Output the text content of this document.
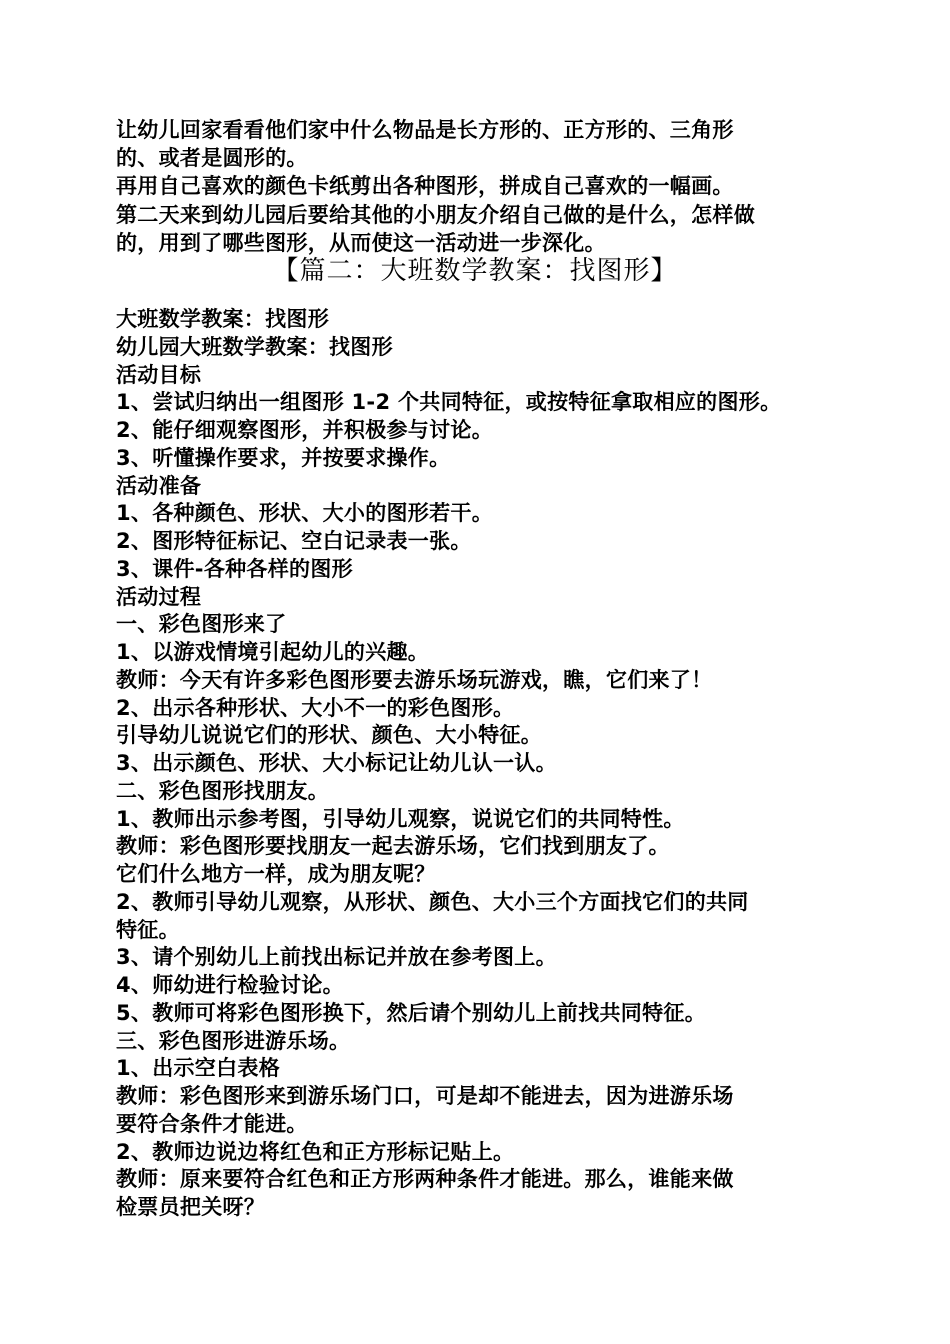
让幼儿回家看看他们家中什么物品是长方形的、正方形的、三角形

的、或者是圆形的。

再用自己喜欢的颜色卡纸剪出各种图形，拼成自己喜欢的一幅画。

第二天来到幼儿园后要给其他的小朋友介绍自己做的是什么，怎样做

的，用到了哪些图形，从而使这一活动进一步深化。

【篇二：大班数学教案：找图形】

大班数学教案：找图形

幼儿园大班数学教案：找图形

活动目标

1、尝试归纳出一组图形 1-2 个共同特征，或按特征拿取相应的图形。

2、能仔细观察图形，并积极参与讨论。

3、听懂操作要求，并按要求操作。

活动准备

1、各种颜色、形状、大小的图形若干。

2、图形特征标记、空白记录表一张。

3、课件-各种各样的图形

活动过程

一、彩色图形来了

1、以游戏情境引起幼儿的兴趣。

教师：今天有许多彩色图形要去游乐场玩游戏，瞧，它们来了！

2、出示各种形状、大小不一的彩色图形。

引导幼儿说说它们的形状、颜色、大小特征。

3、出示颜色、形状、大小标记让幼儿认一认。

二、彩色图形找朋友。

1、教师出示参考图，引导幼儿观察，说说它们的共同特性。

教师：彩色图形要找朋友一起去游乐场，它们找到朋友了。

它们什么地方一样，成为朋友呢？

2、教师引导幼儿观察，从形状、颜色、大小三个方面找它们的共同

特征。

3、请个别幼儿上前找出标记并放在参考图上。

4、师幼进行检验讨论。

5、教师可将彩色图形换下，然后请个别幼儿上前找共同特征。

三、彩色图形进游乐场。

1、出示空白表格

教师：彩色图形来到游乐场门口，可是却不能进去，因为进游乐场

要符合条件才能进。

2、教师边说边将红色和正方形标记贴上。

教师：原来要符合红色和正方形两种条件才能进。那么，谁能来做

检票员把关呀？
